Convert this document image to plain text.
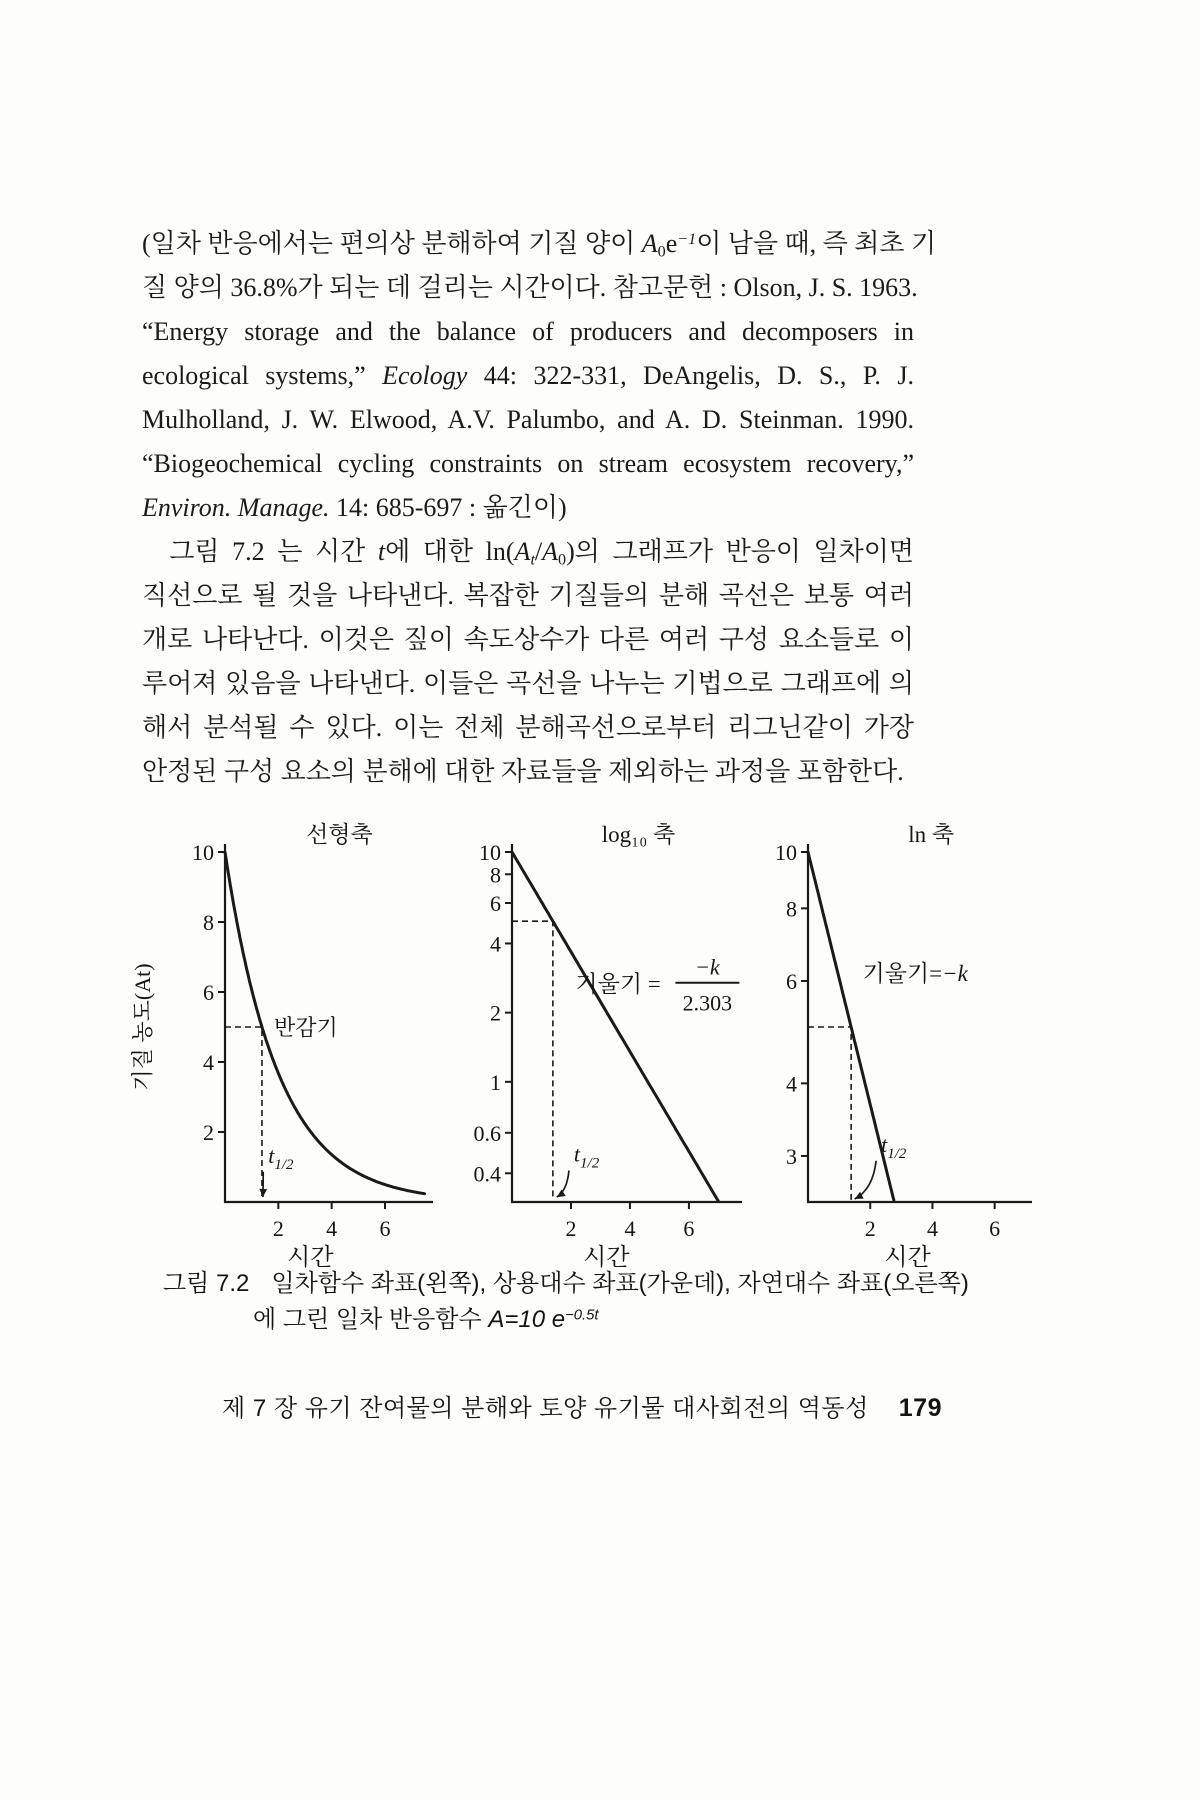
(일차 반응에서는 편의상 분해하여 기질 양이 $A_0e^{-1}$이 남을 때, 즉 최초 기
질 양의 36.8%가 되는 데 걸리는 시간이다. 참고문헌 : Olson, J. S. 1963.
“Energy storage and the balance of producers and decomposers in
ecological systems,” Ecology 44: 322-331, DeAngelis, D. S., P. J.
Mulholland, J. W. Elwood, A.V. Palumbo, and A. D. Steinman. 1990.
“Biogeochemical cycling constraints on stream ecosystem recovery,”
Environ. Manage. 14: 685-697 : 옮긴이)
그림 7.2 는 시간 t에 대한 $\ln(A_t/A_0)$의 그래프가 반응이 일차이면
직선으로 될 것을 나타낸다. 복잡한 기질들의 분해 곡선은 보통 여러
개로 나타난다. 이것은 짚이 속도상수가 다른 여러 구성 요소들로 이
루어져 있음을 나타낸다. 이들은 곡선을 나누는 기법으로 그래프에 의
해서 분석될 수 있다. 이는 전체 분해곡선으로부터 리그닌같이 가장
안정된 구성 요소의 분해에 대한 자료들을 제외하는 과정을 포함한다.
2
4
6
8
10
2 4 6
선형축
시간
기질 농도(At)
$t_{1/2}$
반감기
0.4
0.6
1
2
4
6
8
10
2 4 6
log₁₀ 축
시간
$t_{1/2}$
기울기 =
−k
2.303
3
4
6
8
10
2 4 6
ln 축
시간
$t_{1/2}$
기울기=−k
그림 7.2 일차함수 좌표(왼쪽), 상용대수 좌표(가운데), 자연대수 좌표(오른쪽)
에 그린 일차 반응함수 A=10 $e^{-0.5t}$
제 7 장 유기 잔여물의 분해와 토양 유기물 대사회전의 역동성 179
